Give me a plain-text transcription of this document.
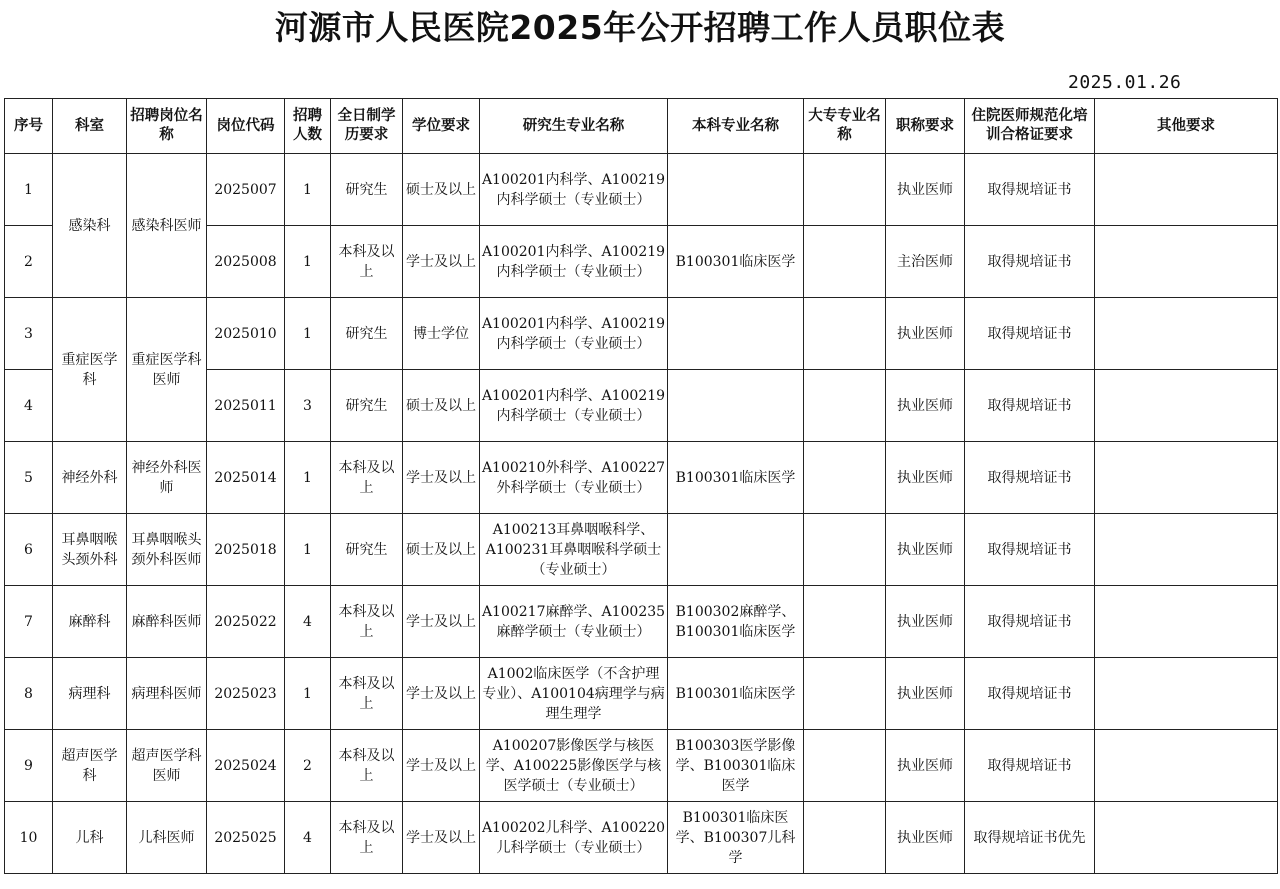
河源市人民医院2025年公开招聘工作人员职位表
2025.01.26
序号	科室	招聘岗位名称	岗位代码	招聘人数	全日制学历要求	学位要求	研究生专业名称	本科专业名称	大专专业名称	职称要求	住院医师规范化培训合格证要求	其他要求
1	感染科	感染科医师	2025007	1	研究生	硕士及以上	A100201内科学、A100219内科学硕士（专业硕士）			执业医师	取得规培证书	
2			2025008	1	本科及以上	学士及以上	A100201内科学、A100219内科学硕士（专业硕士）	B100301临床医学		主治医师	取得规培证书	
3	重症医学科	重症医学科医师	2025010	1	研究生	博士学位	A100201内科学、A100219内科学硕士（专业硕士）			执业医师	取得规培证书	
4			2025011	3	研究生	硕士及以上	A100201内科学、A100219内科学硕士（专业硕士）			执业医师	取得规培证书	
5	神经外科	神经外科医师	2025014	1	本科及以上	学士及以上	A100210外科学、A100227外科学硕士（专业硕士）	B100301临床医学		执业医师	取得规培证书	
6	耳鼻咽喉头颈外科	耳鼻咽喉头颈外科医师	2025018	1	研究生	硕士及以上	A100213耳鼻咽喉科学、A100231耳鼻咽喉科学硕士（专业硕士）			执业医师	取得规培证书	
7	麻醉科	麻醉科医师	2025022	4	本科及以上	学士及以上	A100217麻醉学、A100235麻醉学硕士（专业硕士）	B100302麻醉学、B100301临床医学		执业医师	取得规培证书	
8	病理科	病理科医师	2025023	1	本科及以上	学士及以上	A1002临床医学（不含护理专业）、A100104病理学与病理生理学	B100301临床医学		执业医师	取得规培证书	
9	超声医学科	超声医学科医师	2025024	2	本科及以上	学士及以上	A100207影像医学与核医学、A100225影像医学与核医学硕士（专业硕士）	B100303医学影像学、B100301临床医学		执业医师	取得规培证书	
10	儿科	儿科医师	2025025	4	本科及以上	学士及以上	A100202儿科学、A100220儿科学硕士（专业硕士）	B100301临床医学、B100307儿科学		执业医师	取得规培证书优先	
